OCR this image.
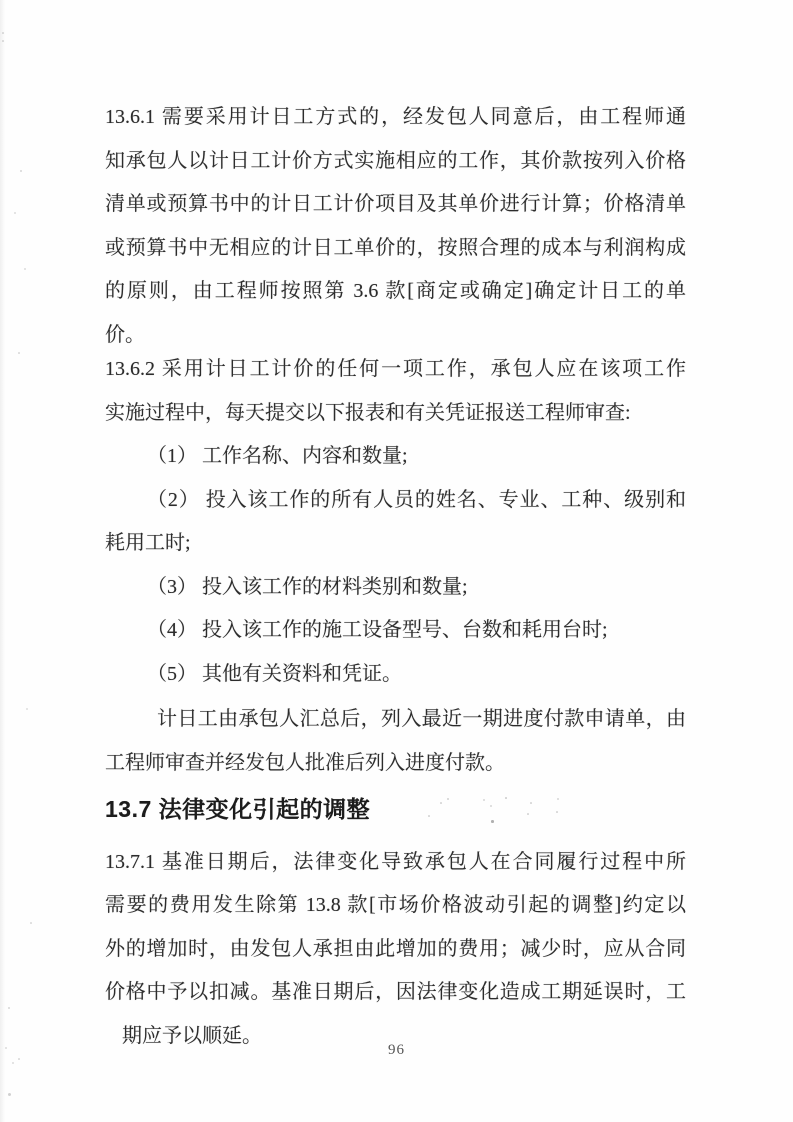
13.6.1 需要采用计日工方式的，经发包人同意后，由工程师通
知承包人以计日工计价方式实施相应的工作，其价款按列入价格
清单或预算书中的计日工计价项目及其单价进行计算；价格清单
或预算书中无相应的计日工单价的，按照合理的成本与利润构成
的原则，由工程师按照第 3.6 款[商定或确定]确定计日工的单
价。
13.6.2 采用计日工计价的任何一项工作，承包人应在该项工作
实施过程中，每天提交以下报表和有关凭证报送工程师审查:
（1） 工作名称、内容和数量;
（2） 投入该工作的所有人员的姓名、专业、工种、级别和
耗用工时;
（3） 投入该工作的材料类别和数量;
（4） 投入该工作的施工设备型号、台数和耗用台时;
（5） 其他有关资料和凭证。
计日工由承包人汇总后，列入最近一期进度付款申请单，由
工程师审查并经发包人批准后列入进度付款。
13.7 法律变化引起的调整
13.7.1 基准日期后，法律变化导致承包人在合同履行过程中所
需要的费用发生除第 13.8 款[市场价格波动引起的调整]约定以
外的增加时，由发包人承担由此增加的费用；减少时，应从合同
价格中予以扣减。基准日期后，因法律变化造成工期延误时，工
期应予以顺延。
96
